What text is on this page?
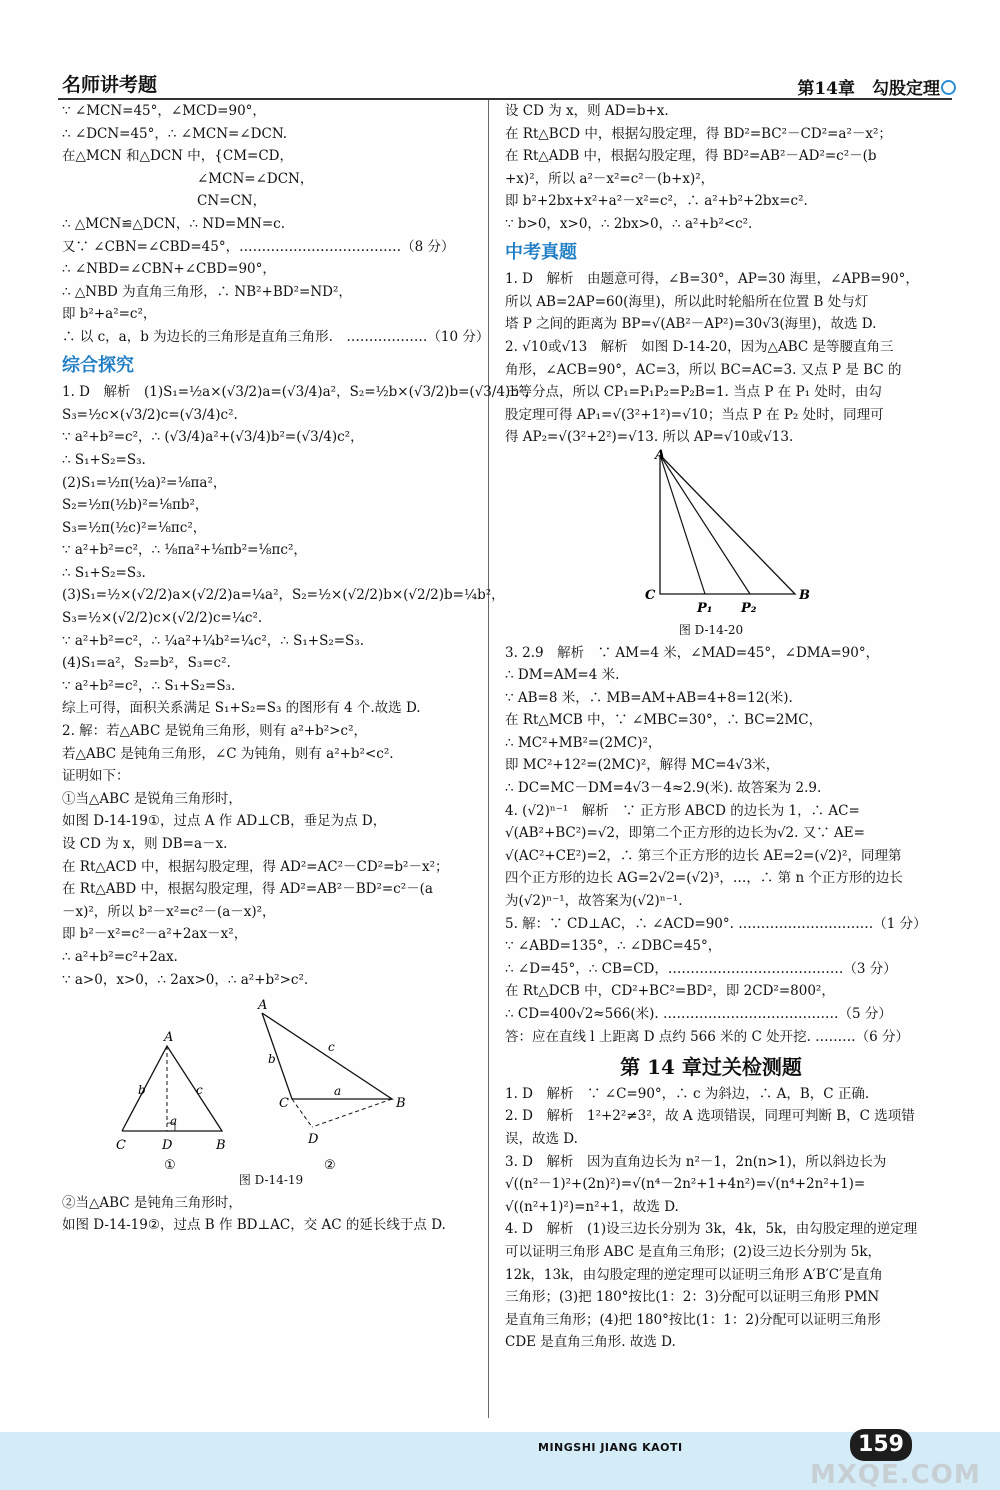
名师讲考题	第14章　勾股定理
∵ ∠MCN=45°，∠MCD=90°，
∴ ∠DCN=45°，∴ ∠MCN=∠DCN.
在△MCN 和△DCN 中，{CM=CD，
　　　　　　　　　　∠MCN=∠DCN，
　　　　　　　　　　CN=CN，
∴ △MCN≌△DCN，∴ ND=MN=c.
又∵ ∠CBN=∠CBD=45°，………………………………（8 分）
∴ ∠NBD=∠CBN+∠CBD=90°，
∴ △NBD 为直角三角形，∴ NB²+BD²=ND²，
即 b²+a²=c²，
∴ 以 c，a，b 为边长的三角形是直角三角形.　………………（10 分）
综合探究
1. D　解析　(1)S₁=½a×(√3/2)a=(√3/4)a²，S₂=½b×(√3/2)b=(√3/4)b²，
S₃=½c×(√3/2)c=(√3/4)c².
∵ a²+b²=c²，∴ (√3/4)a²+(√3/4)b²=(√3/4)c²，
∴ S₁+S₂=S₃.
(2)S₁=½π(½a)²=⅛πa²，
S₂=½π(½b)²=⅛πb²，
S₃=½π(½c)²=⅛πc²，
∵ a²+b²=c²，∴ ⅛πa²+⅛πb²=⅛πc²，
∴ S₁+S₂=S₃.
(3)S₁=½×(√2/2)a×(√2/2)a=¼a²，S₂=½×(√2/2)b×(√2/2)b=¼b²，
S₃=½×(√2/2)c×(√2/2)c=¼c².
∵ a²+b²=c²，∴ ¼a²+¼b²=¼c²，∴ S₁+S₂=S₃.
(4)S₁=a²，S₂=b²，S₃=c².
∵ a²+b²=c²，∴ S₁+S₂=S₃.
综上可得，面积关系满足 S₁+S₂=S₃ 的图形有 4 个.故选 D.
2. 解：若△ABC 是锐角三角形，则有 a²+b²>c²，
若△ABC 是钝角三角形，∠C 为钝角，则有 a²+b²<c².
证明如下：
①当△ABC 是锐角三角形时，
如图 D-14-19①，过点 A 作 AD⊥CB，垂足为点 D，
设 CD 为 x，则 DB=a－x.
在 Rt△ACD 中，根据勾股定理，得 AD²=AC²－CD²=b²－x²；
在 Rt△ABD 中，根据勾股定理，得 AD²=AB²－BD²=c²－(a
－x)²，所以 b²－x²=c²－(a－x)²，
即 b²－x²=c²－a²+2ax－x²，
∴ a²+b²=c²+2ax.
∵ a>0，x>0，∴ 2ax>0，∴ a²+b²>c².
A
C	D	B
b	c
a
①
A
C	B
D
b
c
a
②
图 D-14-19
②当△ABC 是钝角三角形时，
如图 D-14-19②，过点 B 作 BD⊥AC，交 AC 的延长线于点 D.
设 CD 为 x，则 AD=b+x.
在 Rt△BCD 中，根据勾股定理，得 BD²=BC²－CD²=a²－x²；
在 Rt△ADB 中，根据勾股定理，得 BD²=AB²－AD²=c²－(b
+x)²，所以 a²－x²=c²－(b+x)²，
即 b²+2bx+x²+a²－x²=c²，∴ a²+b²+2bx=c².
∵ b>0，x>0，∴ 2bx>0，∴ a²+b²<c².
中考真题
1. D　解析　由题意可得，∠B=30°，AP=30 海里，∠APB=90°，
所以 AB=2AP=60(海里)，所以此时轮船所在位置 B 处与灯
塔 P 之间的距离为 BP=√(AB²－AP²)=30√3(海里)，故选 D.
2. √10或√13　解析　如图 D-14-20，因为△ABC 是等腰直角三
角形，∠ACB=90°，AC=3，所以 BC=AC=3. 又点 P 是 BC 的
三等分点，所以 CP₁=P₁P₂=P₂B=1. 当点 P 在 P₁ 处时，由勾
股定理可得 AP₁=√(3²+1²)=√10；当点 P 在 P₂ 处时，同理可
得 AP₂=√(3²+2²)=√13. 所以 AP=√10或√13.
A
C	B
P₁ P₂
图 D-14-20
3. 2.9　解析　∵ AM=4 米，∠MAD=45°，∠DMA=90°，
∴ DM=AM=4 米.
∵ AB=8 米，∴ MB=AM+AB=4+8=12(米).
在 Rt△MCB 中，∵ ∠MBC=30°，∴ BC=2MC，
∴ MC²+MB²=(2MC)²，
即 MC²+12²=(2MC)²，解得 MC=4√3米，
∴ DC=MC－DM=4√3－4≈2.9(米). 故答案为 2.9.
4. (√2)ⁿ⁻¹　解析　∵ 正方形 ABCD 的边长为 1，∴ AC=
√(AB²+BC²)=√2，即第二个正方形的边长为√2. 又∵ AE=
√(AC²+CE²)=2，∴ 第三个正方形的边长 AE=2=(√2)²，同理第
四个正方形的边长 AG=2√2=(√2)³，…，∴ 第 n 个正方形的边长
为(√2)ⁿ⁻¹，故答案为(√2)ⁿ⁻¹.
5. 解：∵ CD⊥AC，∴ ∠ACD=90°. …………………………（1 分）
∵ ∠ABD=135°，∴ ∠DBC=45°，
∴ ∠D=45°，∴ CB=CD，…………………………………（3 分）
在 Rt△DCB 中，CD²+BC²=BD²，即 2CD²=800²，
∴ CD=400√2≈566(米). …………………………………（5 分）
答：应在直线 l 上距离 D 点约 566 米的 C 处开挖. ………（6 分）
第 14 章过关检测题
1. D　解析　∵ ∠C=90°，∴ c 为斜边，∴ A，B，C 正确.
2. D　解析　1²+2²≠3²，故 A 选项错误，同理可判断 B，C 选项错
误，故选 D.
3. D　解析　因为直角边长为 n²－1，2n(n>1)，所以斜边长为
√((n²－1)²+(2n)²)=√(n⁴－2n²+1+4n²)=√(n⁴+2n²+1)=
√((n²+1)²)=n²+1，故选 D.
4. D　解析　(1)设三边长分别为 3k，4k，5k，由勾股定理的逆定理
可以证明三角形 ABC 是直角三角形；(2)设三边长分别为 5k，
12k，13k，由勾股定理的逆定理可以证明三角形 A′B′C′是直角
三角形；(3)把 180°按比(1：2：3)分配可以证明三角形 PMN
是直角三角形；(4)把 180°按比(1：1：2)分配可以证明三角形
CDE 是直角三角形. 故选 D.
MINGSHI JIANG KAOTI	159
MXQE.COM
